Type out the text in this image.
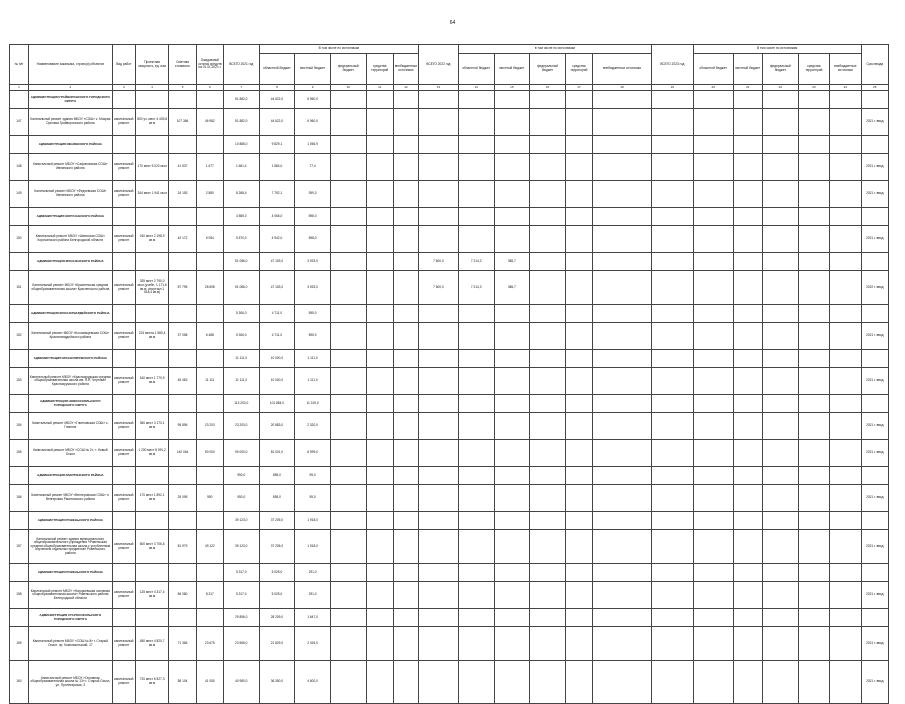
64
№ п/п	Наименование заказчика, строек(и) объектов	Вид работ	Проектная мощность, ед. изм	Сметная стоимость	Ожидаемый остаток средств на 01.01.2021 г.	ВСЕГО 2021 год	В том числе по источникам					ВСЕГО 2022 год	в том числе по источникам					ВСЕГО 2023 год	В том числе по источникам					Срок ввода
							областной бюджет	местный бюджет	федеральный бюджет	средства территорий	внебюджетные источники		областной бюджет	местный бюджет	федеральный бюджет	средства территорий	внебюджетные источники		областной бюджет	местный бюджет	федеральный бюджет	средства территорий	внебюджетные источники	
1	2	3	4	5	6	7	8	9	10	11	12	13	14	15	16	17	18	19	20	21	22	23	24	25
	АДМИНИСТРАЦИЯ ГРАЙВОРОНСКОГО ГОРОДСКОГО ОКРУГА					51 882,0	44 622,0	6 960,0																
147	Капитальный ремонт здания МБОУ «СОШ» с. Мокрая Орловка Грайворонского района	капитальный ремонт	800 уч. мест 4 439,8 кв.м	107 366	46 982	51 882,0	44 622,0	6 960,0																2021 г. ввод
	АДМИНИСТРАЦИЯ ИВНЯНСКОГО РАЙОНА					10 886,0	9 829,1	1 056,9																
148	Капитальный ремонт МБОУ «Сафоновская СОШ» Ивнянского района	капитальный ремонт	170 мест 5 022 кв.м	41 537	1 677	1 661,4	1 584,0	77,4																2021 г. ввод
149	Капитальный ремонт МБОУ «Федчевская СОШ» Ивнянского района	капитальный ремонт	264 мест 1 941 кв.м	24 153	2 880	8 268,4	7 792,1	399,3																2021 г. ввод
	АДМИНИСТРАЦИЯ КОРОЧАНСКОГО РАЙОНА					4 585,0	4 066,0	598,0																
150	Капитальный ремонт МБОУ «Шеинская СОШ» Корочанского района Белгородской области	капитальный ремонт	240 мест 2 198,9 кв.м	42 172	5 054	5 570,0	4 942,0	598,0																2021 г. ввод
	АДМИНИСТРАЦИЯ КРАСНЕНСКОГО РАЙОНА					51 086,0	47 153,0	3 933,0				7 600,0	7 214,3	385,7										
151	Капитальный ремонт МБОУ «Красненская средняя общеобразовательная школа» Красненского района	капитальный ремонт	335 мест 2 790,0 кв.м (учебн. 1 171,6 кв.м, спортзал 1 618,4 кв.м)	87 795	28 698	51 086,0	47 153,0	3 933,0				7 600,0	7 214,3	385,7										2022 г. ввод
	АДМИНИСТРАЦИЯ КРАСНОГВАРДЕЙСКОГО РАЙОНА					5 306,0	4 711,0	595,0																
152	Капитальный ремонт МБОУ «Коломыцевская СОШ» Красногвардейского района	капитальный ремонт	224 места 1 580,4 кв.м	37 058	6 488	5 306,0	4 711,0	595,0																2021 г. ввод
	АДМИНИСТРАЦИЯ КРАСНОЯРУЖСКОГО РАЙОНА					11 111,0	10 000,0	1 111,0																
153	Капитальный ремонт МБОУ «Красноярудская средняя общеобразовательная школа им. Я.Н. Чертова» Краснояружского района	капитальный ремонт	160 мест 1 770,9 кв.м	45 463	11 111	11 111,0	10 000,0	1 111,0																2021 г. ввод
	АДМИНИСТРАЦИЯ НОВООСКОЛЬСКОГО ГОРОДСКОГО ОКРУГА					113 203,0	101 884,0	11 319,0																
154	Капитальный ремонт МБОУ «Глинновская СОШ» с. Глинное	капитальный ремонт	360 мест 3 173,1 кв.м	95 896	23 203	23 203,0	20 883,0	2 320,0																2021 г. ввод
155	Капитальный ремонт МБОУ «СОШ № 2», г. Новый Оскол	капитальный ремонт	1 200 мест 8 091,2 кв.м	140 064	90 000	90 000,0	81 001,0	8 999,0																2021 г. ввод
	АДМИНИСТРАЦИЯ РАКИТЯНСКОГО РАЙОНА					950,0	855,0	95,0																
156	Капитальный ремонт МБОУ «Венгеровская СОШ» п. Венгеровка Ракитянского района	капитальный ремонт	170 мест 1 892,1 кв.м	25 095	950	950,0	855,0	95,0																2021 г. ввод
	АДМИНИСТРАЦИЯ РОВЕНЬСКОГО РАЙОНА					39 123,0	37 205,0	1 918,0																
157	Капитальный ремонт здания муниципального общеобразовательного учреждения «Ровеньская средняя общеобразовательная школа с углубленным изучением отдельных предметов» Ровеньского района	капитальный ремонт	600 мест 3 706,6 кв.м	81 979	49 122	39 123,0	37 205,0	1 918,0																2021 г. ввод
	АДМИНИСТРАЦИЯ РОВЕНЬСКОГО РАЙОНА					5 317,0	5 025,0	291,0																
158	Капитальный ремонт МБОУ «Нагорьевская основная общеобразовательная школа» Ровеньского района Белгородской области	капитальный ремонт	125 мест 4 317,4 кв.м	56 080	8 317	5 317,0	5 025,0	291,0																2021 г. ввод
	АДМИНИСТРАЦИЯ СТАРООСКОЛЬСКОГО ГОРОДСКОГО ОКРУГА					29 856,0	28 209,0	1 647,0																
159	Капитальный ремонт МБОУ «СОШ № 8» г. Старый Оскол, пр. Комсомольский, 17	капитальный ремонт	480 мест 4 820,7 кв.м	71 366	23 675	23 556,0	21 829,0	2 426,0																2021 г. ввод
160	Капитальный ремонт МБОУ «Основная общеобразовательная школа № 13» г. Старый Оскол, ул. Пролетарская, 3	капитальный ремонт	720 мест 6 527,3 кв.м	58 104	41 050	40 980,0	36 350,0	4 600,0																2021 г. ввод
